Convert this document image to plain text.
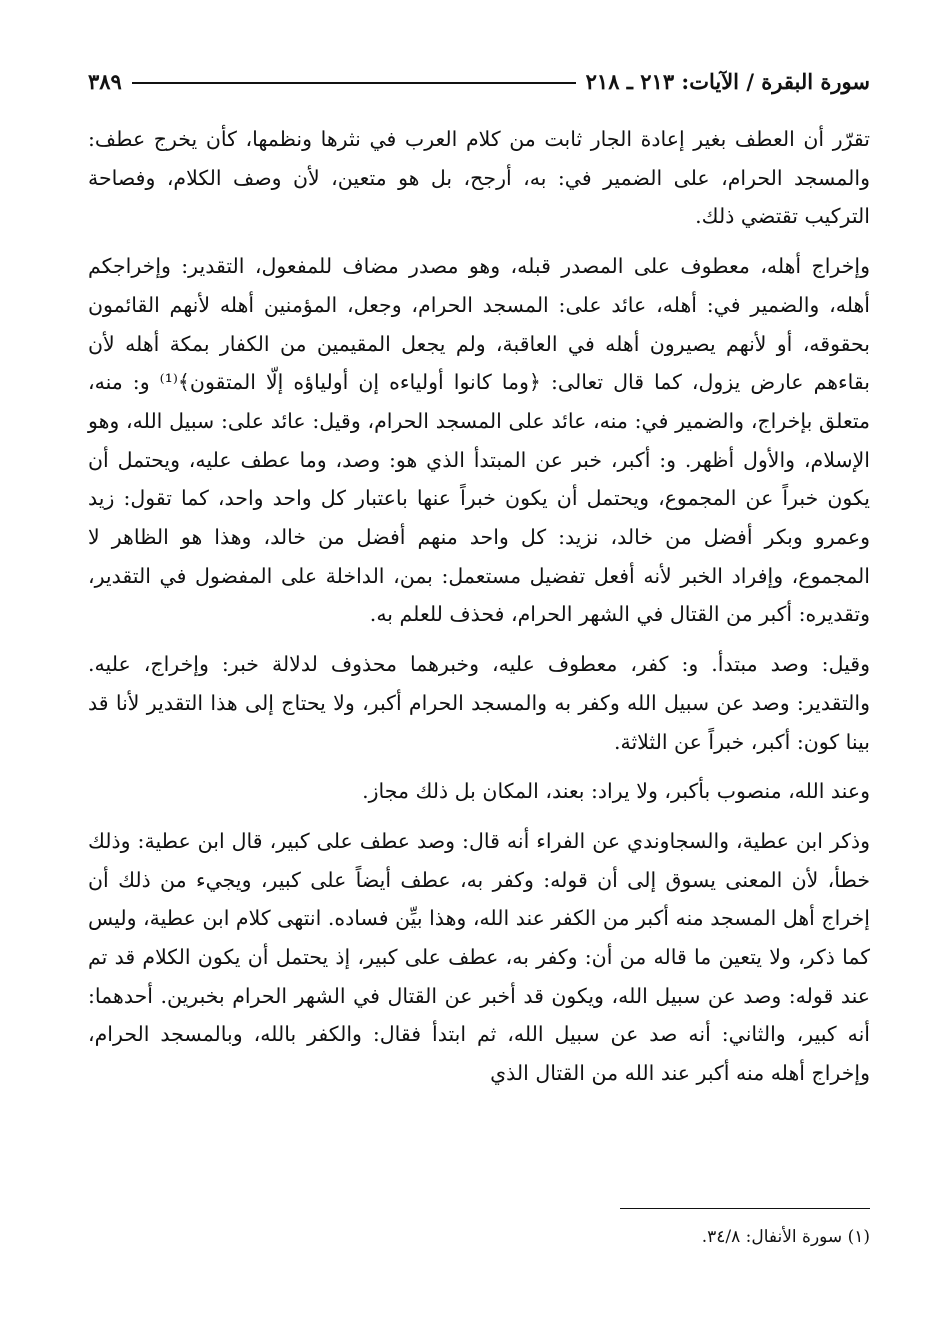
سورة البقرة / الآيات: ٢١٣ ـ ٢١٨
٣٨٩

تقرّر أن العطف بغير إعادة الجار ثابت من كلام العرب في نثرها ونظمها، كأن يخرج عطف: والمسجد الحرام، على الضمير في: به، أرجح، بل هو متعين، لأن وصف الكلام، وفصاحة التركيب تقتضي ذلك.

وإخراج أهله، معطوف على المصدر قبله، وهو مصدر مضاف للمفعول، التقدير: وإخراجكم أهله، والضمير في: أهله، عائد على: المسجد الحرام، وجعل، المؤمنين أهله لأنهم القائمون بحقوقه، أو لأنهم يصيرون أهله في العاقبة، ولم يجعل المقيمين من الكفار بمكة أهله لأن بقاءهم عارض يزول، كما قال تعالى: ﴿وما كانوا أولياءه إن أولياؤه إلّا المتقون﴾⁽¹⁾ و: منه، متعلق بإخراج، والضمير في: منه، عائد على المسجد الحرام، وقيل: عائد على: سبيل الله، وهو الإسلام، والأول أظهر. و: أكبر، خبر عن المبتدأ الذي هو: وصد، وما عطف عليه، ويحتمل أن يكون خبراً عن المجموع، ويحتمل أن يكون خبراً عنها باعتبار كل واحد واحد، كما تقول: زيد وعمرو وبكر أفضل من خالد، نزيد: كل واحد منهم أفضل من خالد، وهذا هو الظاهر لا المجموع، وإفراد الخبر لأنه أفعل تفضيل مستعمل: بمن، الداخلة على المفضول في التقدير، وتقديره: أكبر من القتال في الشهر الحرام، فحذف للعلم به.

وقيل: وصد مبتدأ. و: كفر، معطوف عليه، وخبرهما محذوف لدلالة خبر: وإخراج، عليه. والتقدير: وصد عن سبيل الله وكفر به والمسجد الحرام أكبر، ولا يحتاج إلى هذا التقدير لأنا قد بينا كون: أكبر، خبراً عن الثلاثة.

وعند الله، منصوب بأكبر، ولا يراد: بعند، المكان بل ذلك مجاز.

وذكر ابن عطية، والسجاوندي عن الفراء أنه قال: وصد عطف على كبير، قال ابن عطية: وذلك خطأ، لأن المعنى يسوق إلى أن قوله: وكفر به، عطف أيضاً على كبير، ويجيء من ذلك أن إخراج أهل المسجد منه أكبر من الكفر عند الله، وهذا بيِّن فساده. انتهى كلام ابن عطية، وليس كما ذكر، ولا يتعين ما قاله من أن: وكفر به، عطف على كبير، إذ يحتمل أن يكون الكلام قد تم عند قوله: وصد عن سبيل الله، ويكون قد أخبر عن القتال في الشهر الحرام بخبرين. أحدهما: أنه كبير، والثاني: أنه صد عن سبيل الله، ثم ابتدأ فقال: والكفر بالله، وبالمسجد الحرام، وإخراج أهله منه أكبر عند الله من القتال الذي

(١) سورة الأنفال: ٣٤/٨.
